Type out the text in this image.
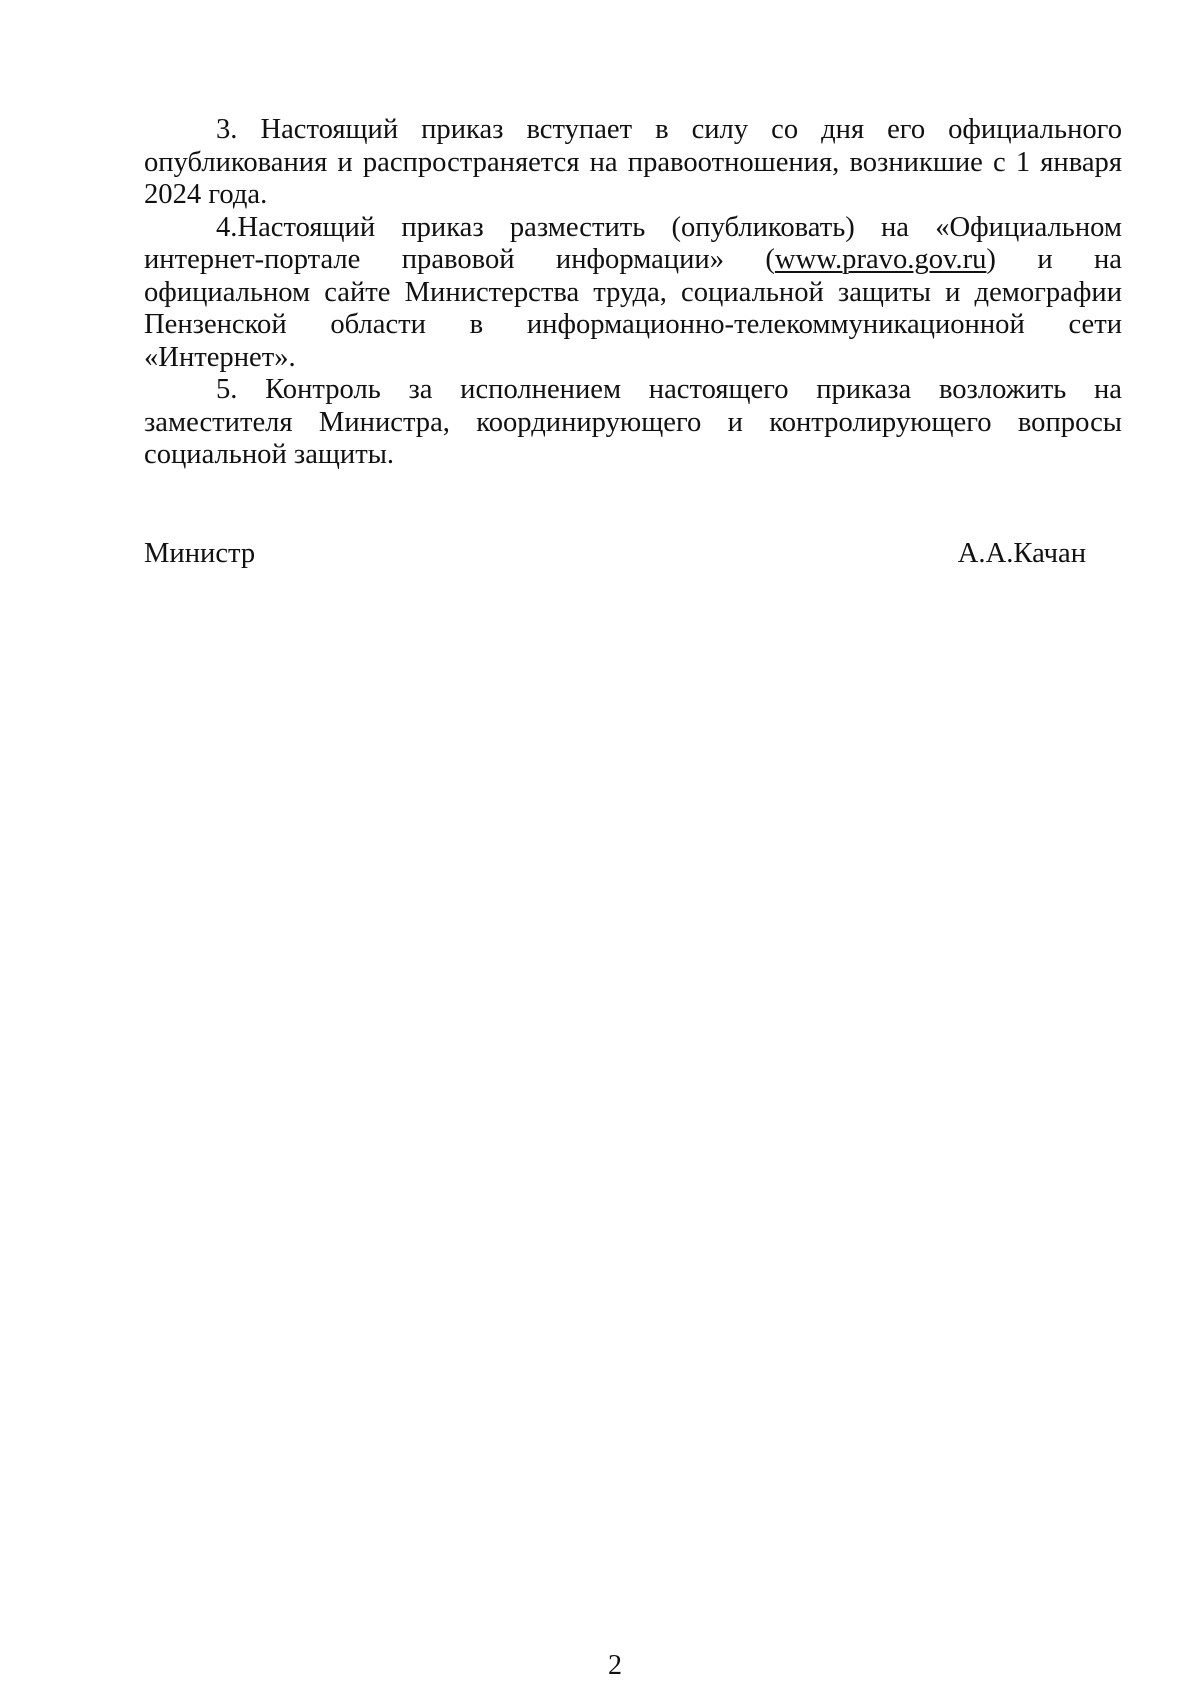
3. Настоящий приказ вступает в силу со дня его официального опубликования и распространяется на правоотношения, возникшие с 1 января 2024 года.

4.Настоящий приказ разместить (опубликовать) на «Официальном интернет-портале правовой информации» (www.pravo.gov.ru) и на официальном сайте Министерства труда, социальной защиты и демографии Пензенской области в информационно-телекоммуникационной сети «Интернет».

5. Контроль за исполнением настоящего приказа возложить на заместителя Министра, координирующего и контролирующего вопросы социальной защиты.

Министр	А.А.Качан
2
